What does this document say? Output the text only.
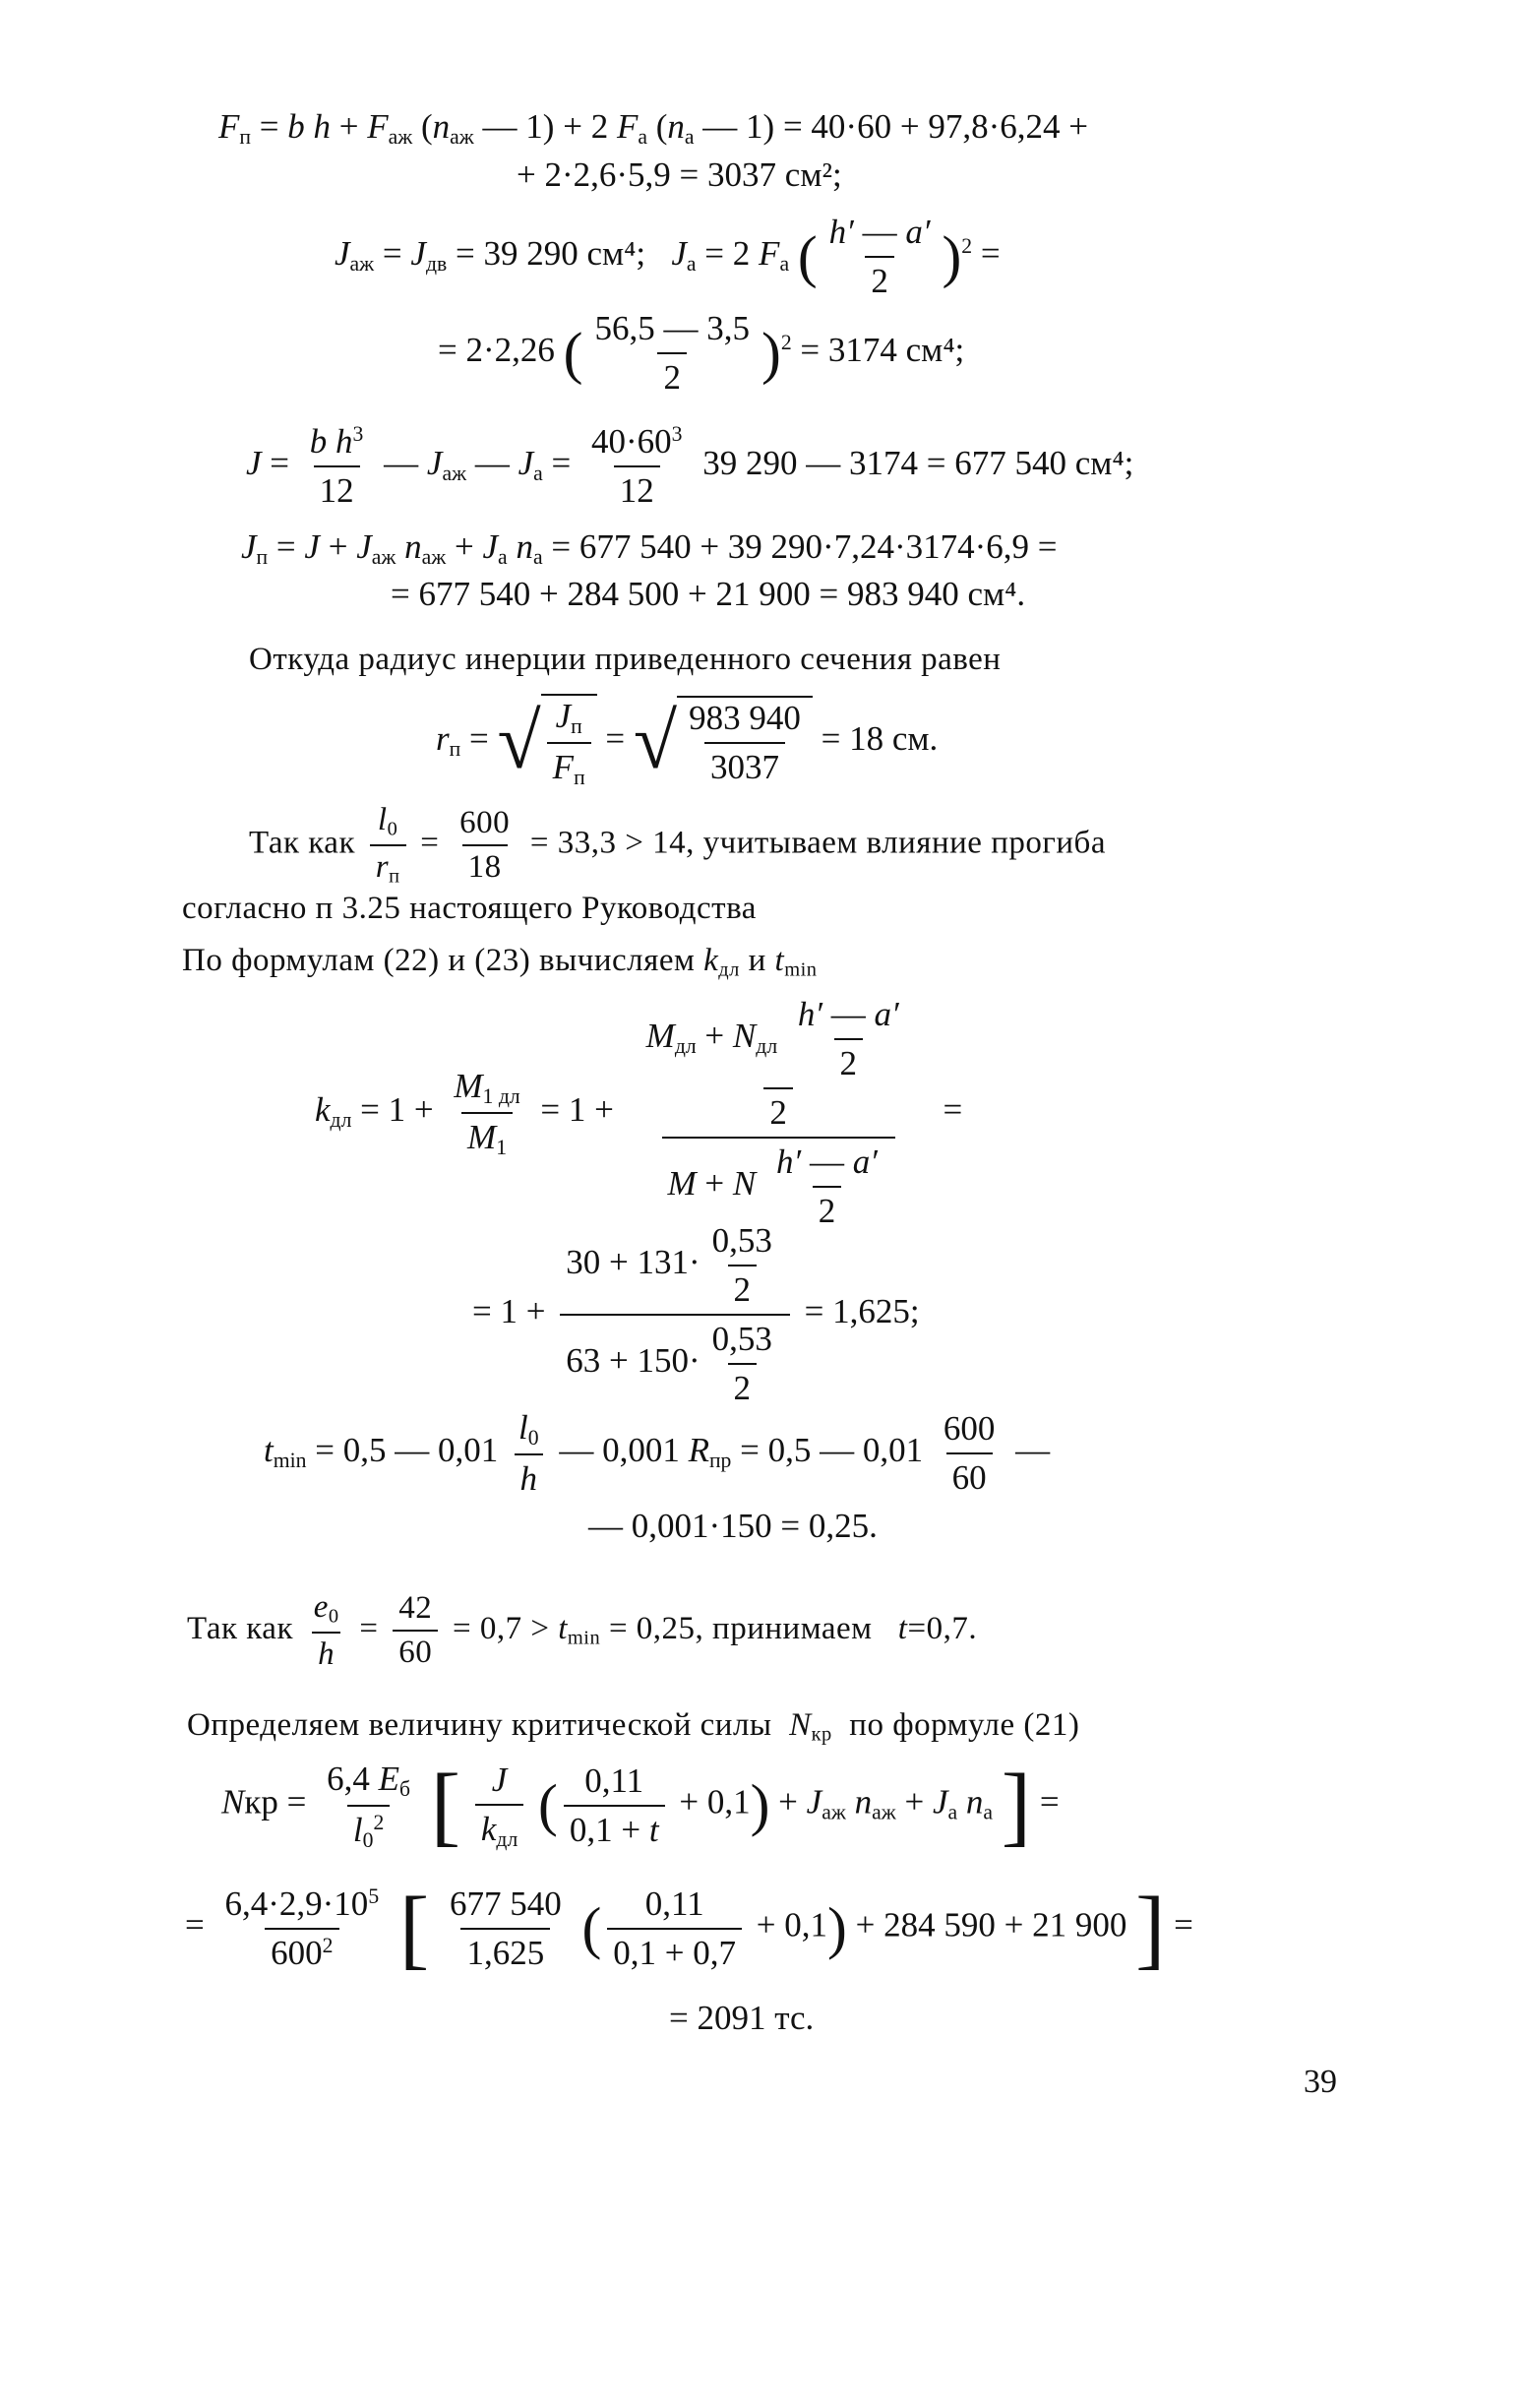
$F_п = b$ $h + F_{аж}$ ($n_{аж}$ — 1) + 2 $F_а$ ($n_а$ — 1) = 40·60 + 97,8·6,24 +
+ 2·2,6·5,9 = 3037 см²;
$J_{аж} = J_{дв} = 39$ 290 см⁴; $J_а = 2$ $F_а$ ( $\frac{h' — a'}{2} )^2$ =
= 2·2,26 ( $\frac{56,5 — 3,5}{2} )^2 = 3174$ см⁴;
$J = \frac{b h^3}{12}$ — $J_{аж}$ — $J_а = \frac{40\cdot 60^3}{12} 39$ 290 — 3174 = 677 540 см⁴;
$J_п = J + J_{аж}$ $n_{аж} + J_а$ $n_а = 677$ 540 + 39 290·7,24·3174·6,9 =
= 677 540 + 284 500 + 21 900 = 983 940 см⁴.
Откуда радиус инерции приведенного сечения равен
$r_п$ = √ $J_п$
$F_п$
= √ $\frac{983 940}{3037} = 18$ см.
Так как
$l_0$
$r_п$
= $\frac{600}{18} = 33,3 > 14$, учитываем влияние прогиба
согласно п 3.25 настоящего Руководства
По формулам (22) и (23) вычисляем $k_{дл}$ и $t_{min}$
$k_{дл} = 1$ +
$M_{1 дл}$
$M_1$
= 1 +
$M_{дл} + N_{дл} \frac{h' — a'}{2}$
2
M + N $\frac{h' — a'}{2}$
=
= $1 + \frac{30 + 131\cdot \frac{0,53}{2}}{63 + 150\cdot \frac{0,53}{2}} = 1,625$;
$t_{min} = 0,5$ — $0,01 \frac{l_0}{h}$ — 0,001 $R_{пр} = 0,5$ — $0,01 \frac{600}{60}$ —
— 0,001·150 = 0,25.
Так как $\frac{e_0}{h} = \frac{42}{60} = 0,7 > t_{min} = 0,25$, принимаем t=0,7.
Определяем величину критической силы $N_{кр}$ по формуле (21)
Nкр =
6,4 $E_б$
$l_0^2$ [ J
$k_{дл}$
( $\frac{0,11}{0,1 + t} + 0,1) + J_{аж}$ $n_{аж} + J_а$ $n_а$ ] =
= $\frac{6,4\cdot 2,9\cdot 10^5}{600^2}$ [ $\frac{677 540}{1,625}$ ( $\frac{0,11}{0,1 + 0,7} + 0,1) + 284$ 590 + 21 900 ] =
= 2091 тс.
39
